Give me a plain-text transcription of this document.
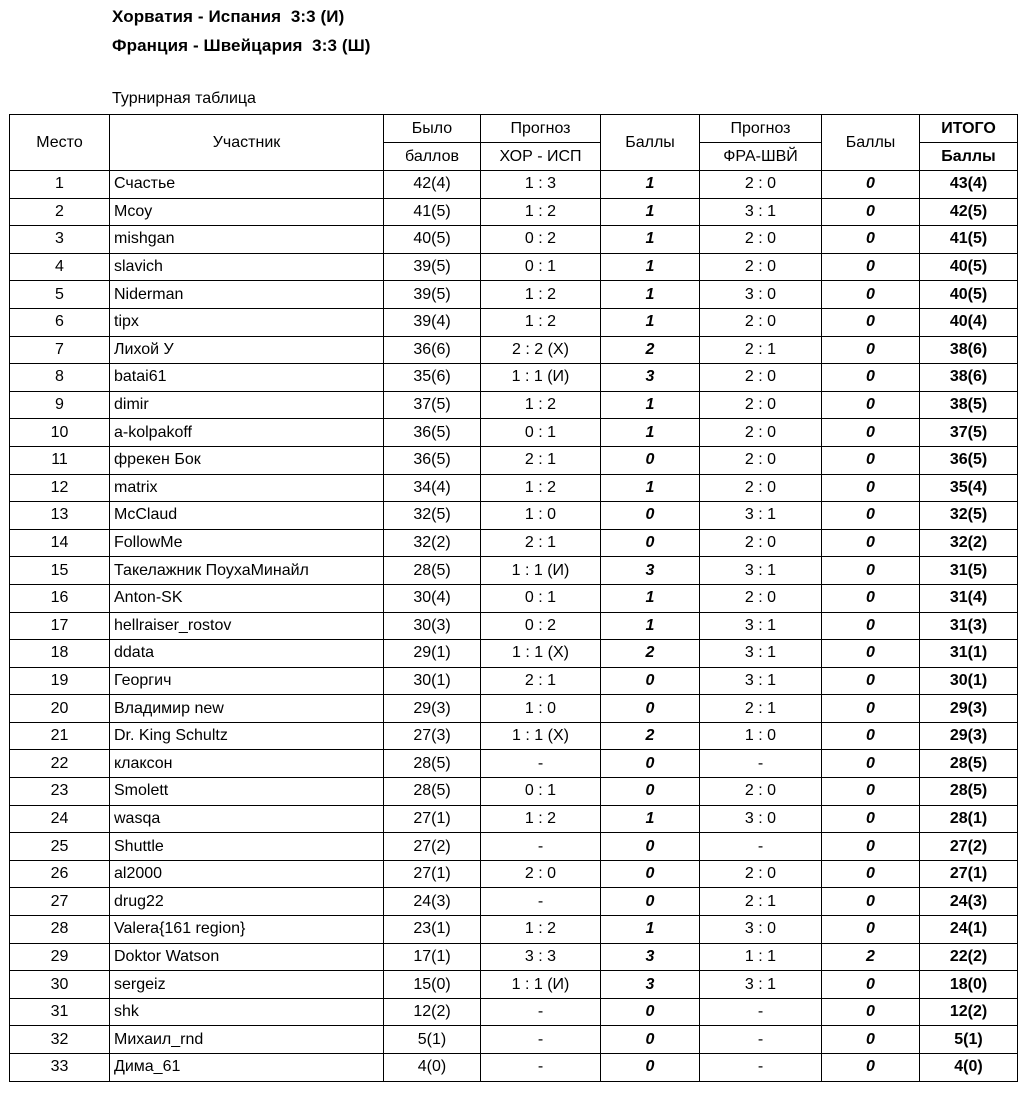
Хорватия - Испания  3:3 (И)
Франция - Швейцария  3:3 (Ш)
Турнирная таблица
Место	Участник	Было	Прогноз	Баллы	Прогноз	Баллы	ИТОГО
		баллов	ХОР - ИСП		ФРА-ШВЙ		Баллы
1	Счастье	42(4)	1 : 3	1	2 : 0	0	43(4)
2	Mcoy	41(5)	1 : 2	1	3 : 1	0	42(5)
3	mishgan	40(5)	0 : 2	1	2 : 0	0	41(5)
4	slavich	39(5)	0 : 1	1	2 : 0	0	40(5)
5	Niderman	39(5)	1 : 2	1	3 : 0	0	40(5)
6	tipx	39(4)	1 : 2	1	2 : 0	0	40(4)
7	Лихой У	36(6)	2 : 2 (Х)	2	2 : 1	0	38(6)
8	batai61	35(6)	1 : 1 (И)	3	2 : 0	0	38(6)
9	dimir	37(5)	1 : 2	1	2 : 0	0	38(5)
10	a-kolpakoff	36(5)	0 : 1	1	2 : 0	0	37(5)
11	фрекен Бок	36(5)	2 : 1	0	2 : 0	0	36(5)
12	matrix	34(4)	1 : 2	1	2 : 0	0	35(4)
13	McClaud	32(5)	1 : 0	0	3 : 1	0	32(5)
14	FollowMe	32(2)	2 : 1	0	2 : 0	0	32(2)
15	Такелажник ПоухаМинайл	28(5)	1 : 1 (И)	3	3 : 1	0	31(5)
16	Anton-SK	30(4)	0 : 1	1	2 : 0	0	31(4)
17	hellraiser_rostov	30(3)	0 : 2	1	3 : 1	0	31(3)
18	ddata	29(1)	1 : 1 (Х)	2	3 : 1	0	31(1)
19	Георгич	30(1)	2 : 1	0	3 : 1	0	30(1)
20	Владимир new	29(3)	1 : 0	0	2 : 1	0	29(3)
21	Dr. King Schultz	27(3)	1 : 1 (Х)	2	1 : 0	0	29(3)
22	клаксон	28(5)	-	0	-	0	28(5)
23	Smolett	28(5)	0 : 1	0	2 : 0	0	28(5)
24	wasqa	27(1)	1 : 2	1	3 : 0	0	28(1)
25	Shuttle	27(2)	-	0	-	0	27(2)
26	al2000	27(1)	2 : 0	0	2 : 0	0	27(1)
27	drug22	24(3)	-	0	2 : 1	0	24(3)
28	Valera{161 region}	23(1)	1 : 2	1	3 : 0	0	24(1)
29	Doktor Watson	17(1)	3 : 3	3	1 : 1	2	22(2)
30	sergeiz	15(0)	1 : 1 (И)	3	3 : 1	0	18(0)
31	shk	12(2)	-	0	-	0	12(2)
32	Михаил_rnd	5(1)	-	0	-	0	5(1)
33	Дима_61	4(0)	-	0	-	0	4(0)
